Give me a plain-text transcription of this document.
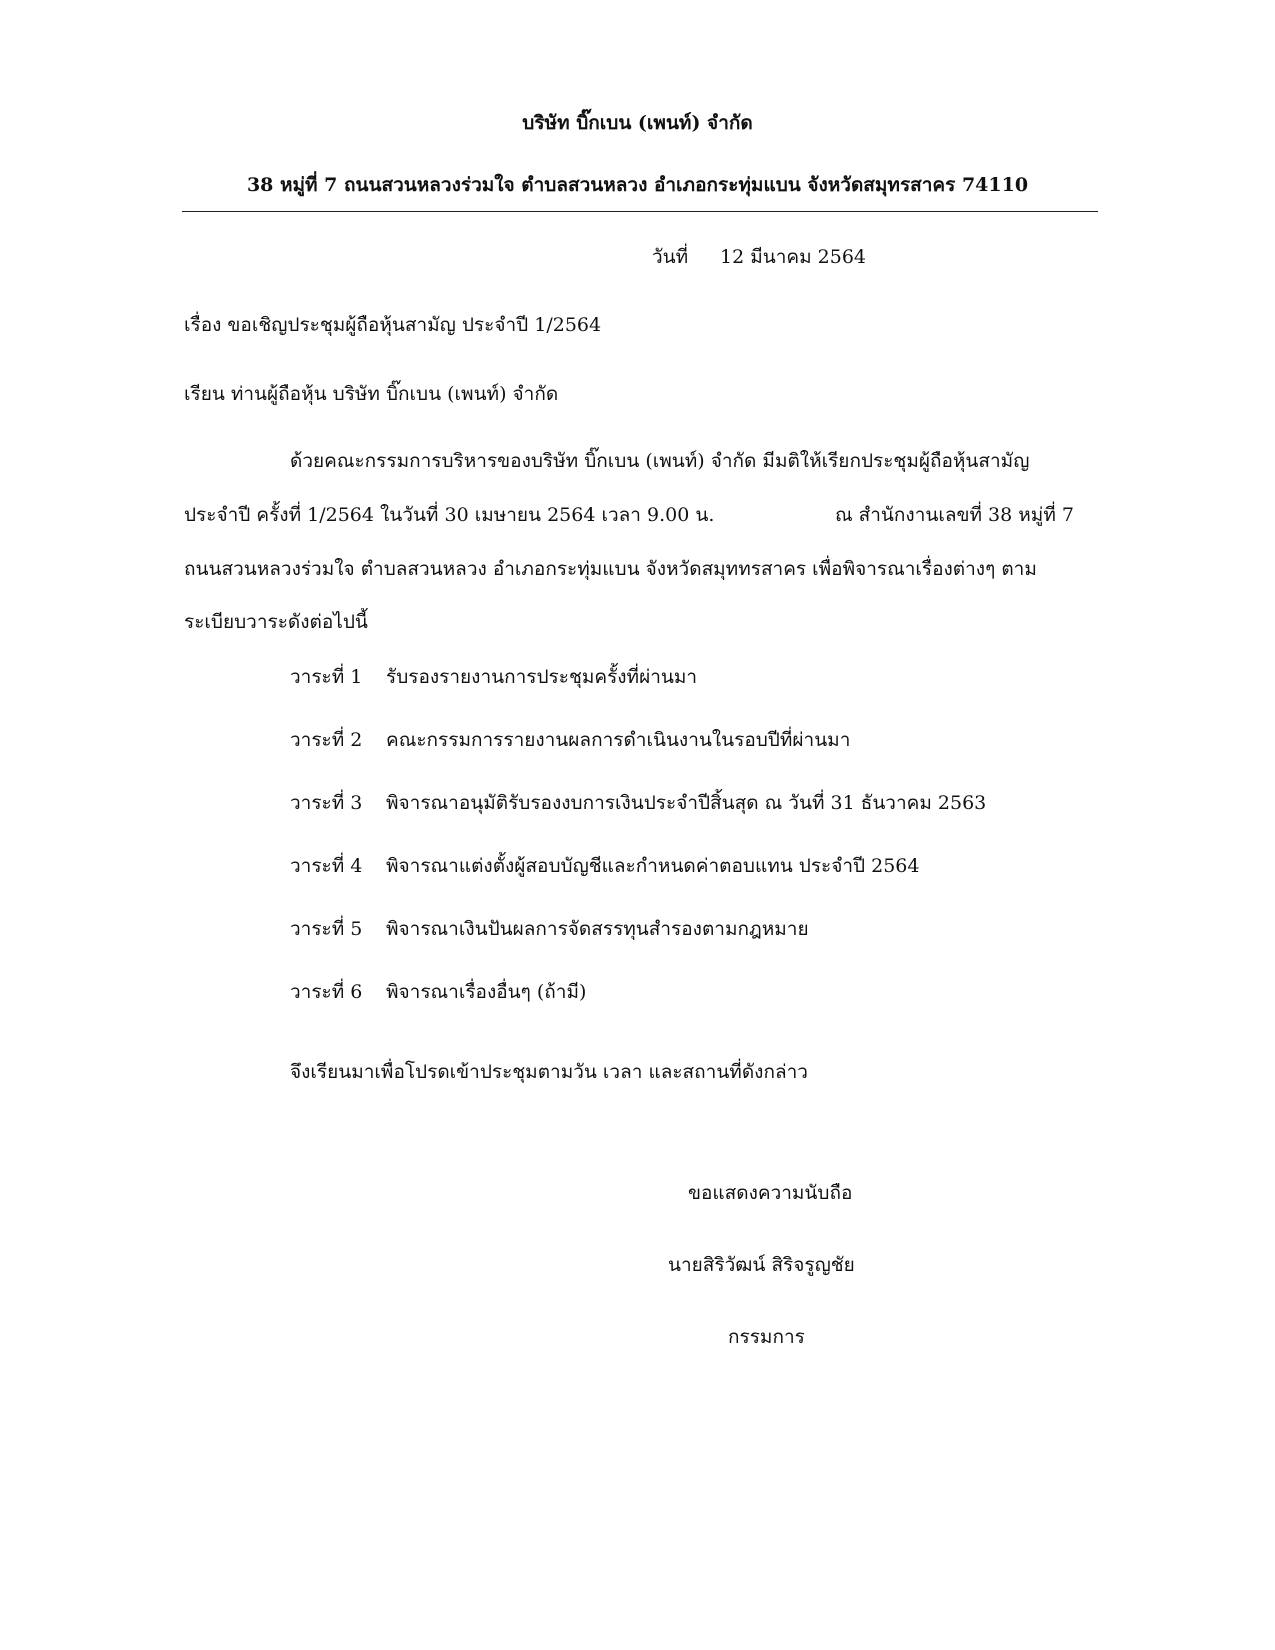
บริษัท บิ๊กเบน (เพนท์) จำกัด
38 หมู่ที่ 7 ถนนสวนหลวงร่วมใจ ตำบลสวนหลวง อำเภอกระทุ่มแบน จังหวัดสมุทรสาคร 74110
วันที่ 12 มีนาคม 2564
เรื่อง ขอเชิญประชุมผู้ถือหุ้นสามัญ ประจำปี 1/2564
เรียน ท่านผู้ถือหุ้น บริษัท บิ๊กเบน (เพนท์) จำกัด
ด้วยคณะกรรมการบริหารของบริษัท บิ๊กเบน (เพนท์) จำกัด มีมติให้เรียกประชุมผู้ถือหุ้นสามัญ
ประจำปี ครั้งที่ 1/2564 ในวันที่ 30 เมษายน 2564 เวลา 9.00 น.	ณ สำนักงานเลขที่ 38 หมู่ที่ 7
ถนนสวนหลวงร่วมใจ ตำบลสวนหลวง อำเภอกระทุ่มแบน จังหวัดสมุททรสาคร เพื่อพิจารณาเรื่องต่างๆ ตาม
ระเบียบวาระดังต่อไปนี้
วาระที่ 1 รับรองรายงานการประชุมครั้งที่ผ่านมา
วาระที่ 2 คณะกรรมการรายงานผลการดำเนินงานในรอบปีที่ผ่านมา
วาระที่ 3 พิจารณาอนุมัติรับรองงบการเงินประจำปีสิ้นสุด ณ วันที่ 31 ธันวาคม 2563
วาระที่ 4 พิจารณาแต่งตั้งผู้สอบบัญชีและกำหนดค่าตอบแทน ประจำปี 2564
วาระที่ 5 พิจารณาเงินปันผลการจัดสรรทุนสำรองตามกฎหมาย
วาระที่ 6 พิจารณาเรื่องอื่นๆ (ถ้ามี)
จึงเรียนมาเพื่อโปรดเข้าประชุมตามวัน เวลา และสถานที่ดังกล่าว
ขอแสดงความนับถือ
นายสิริวัฒน์ สิริจรูญชัย
กรรมการ
